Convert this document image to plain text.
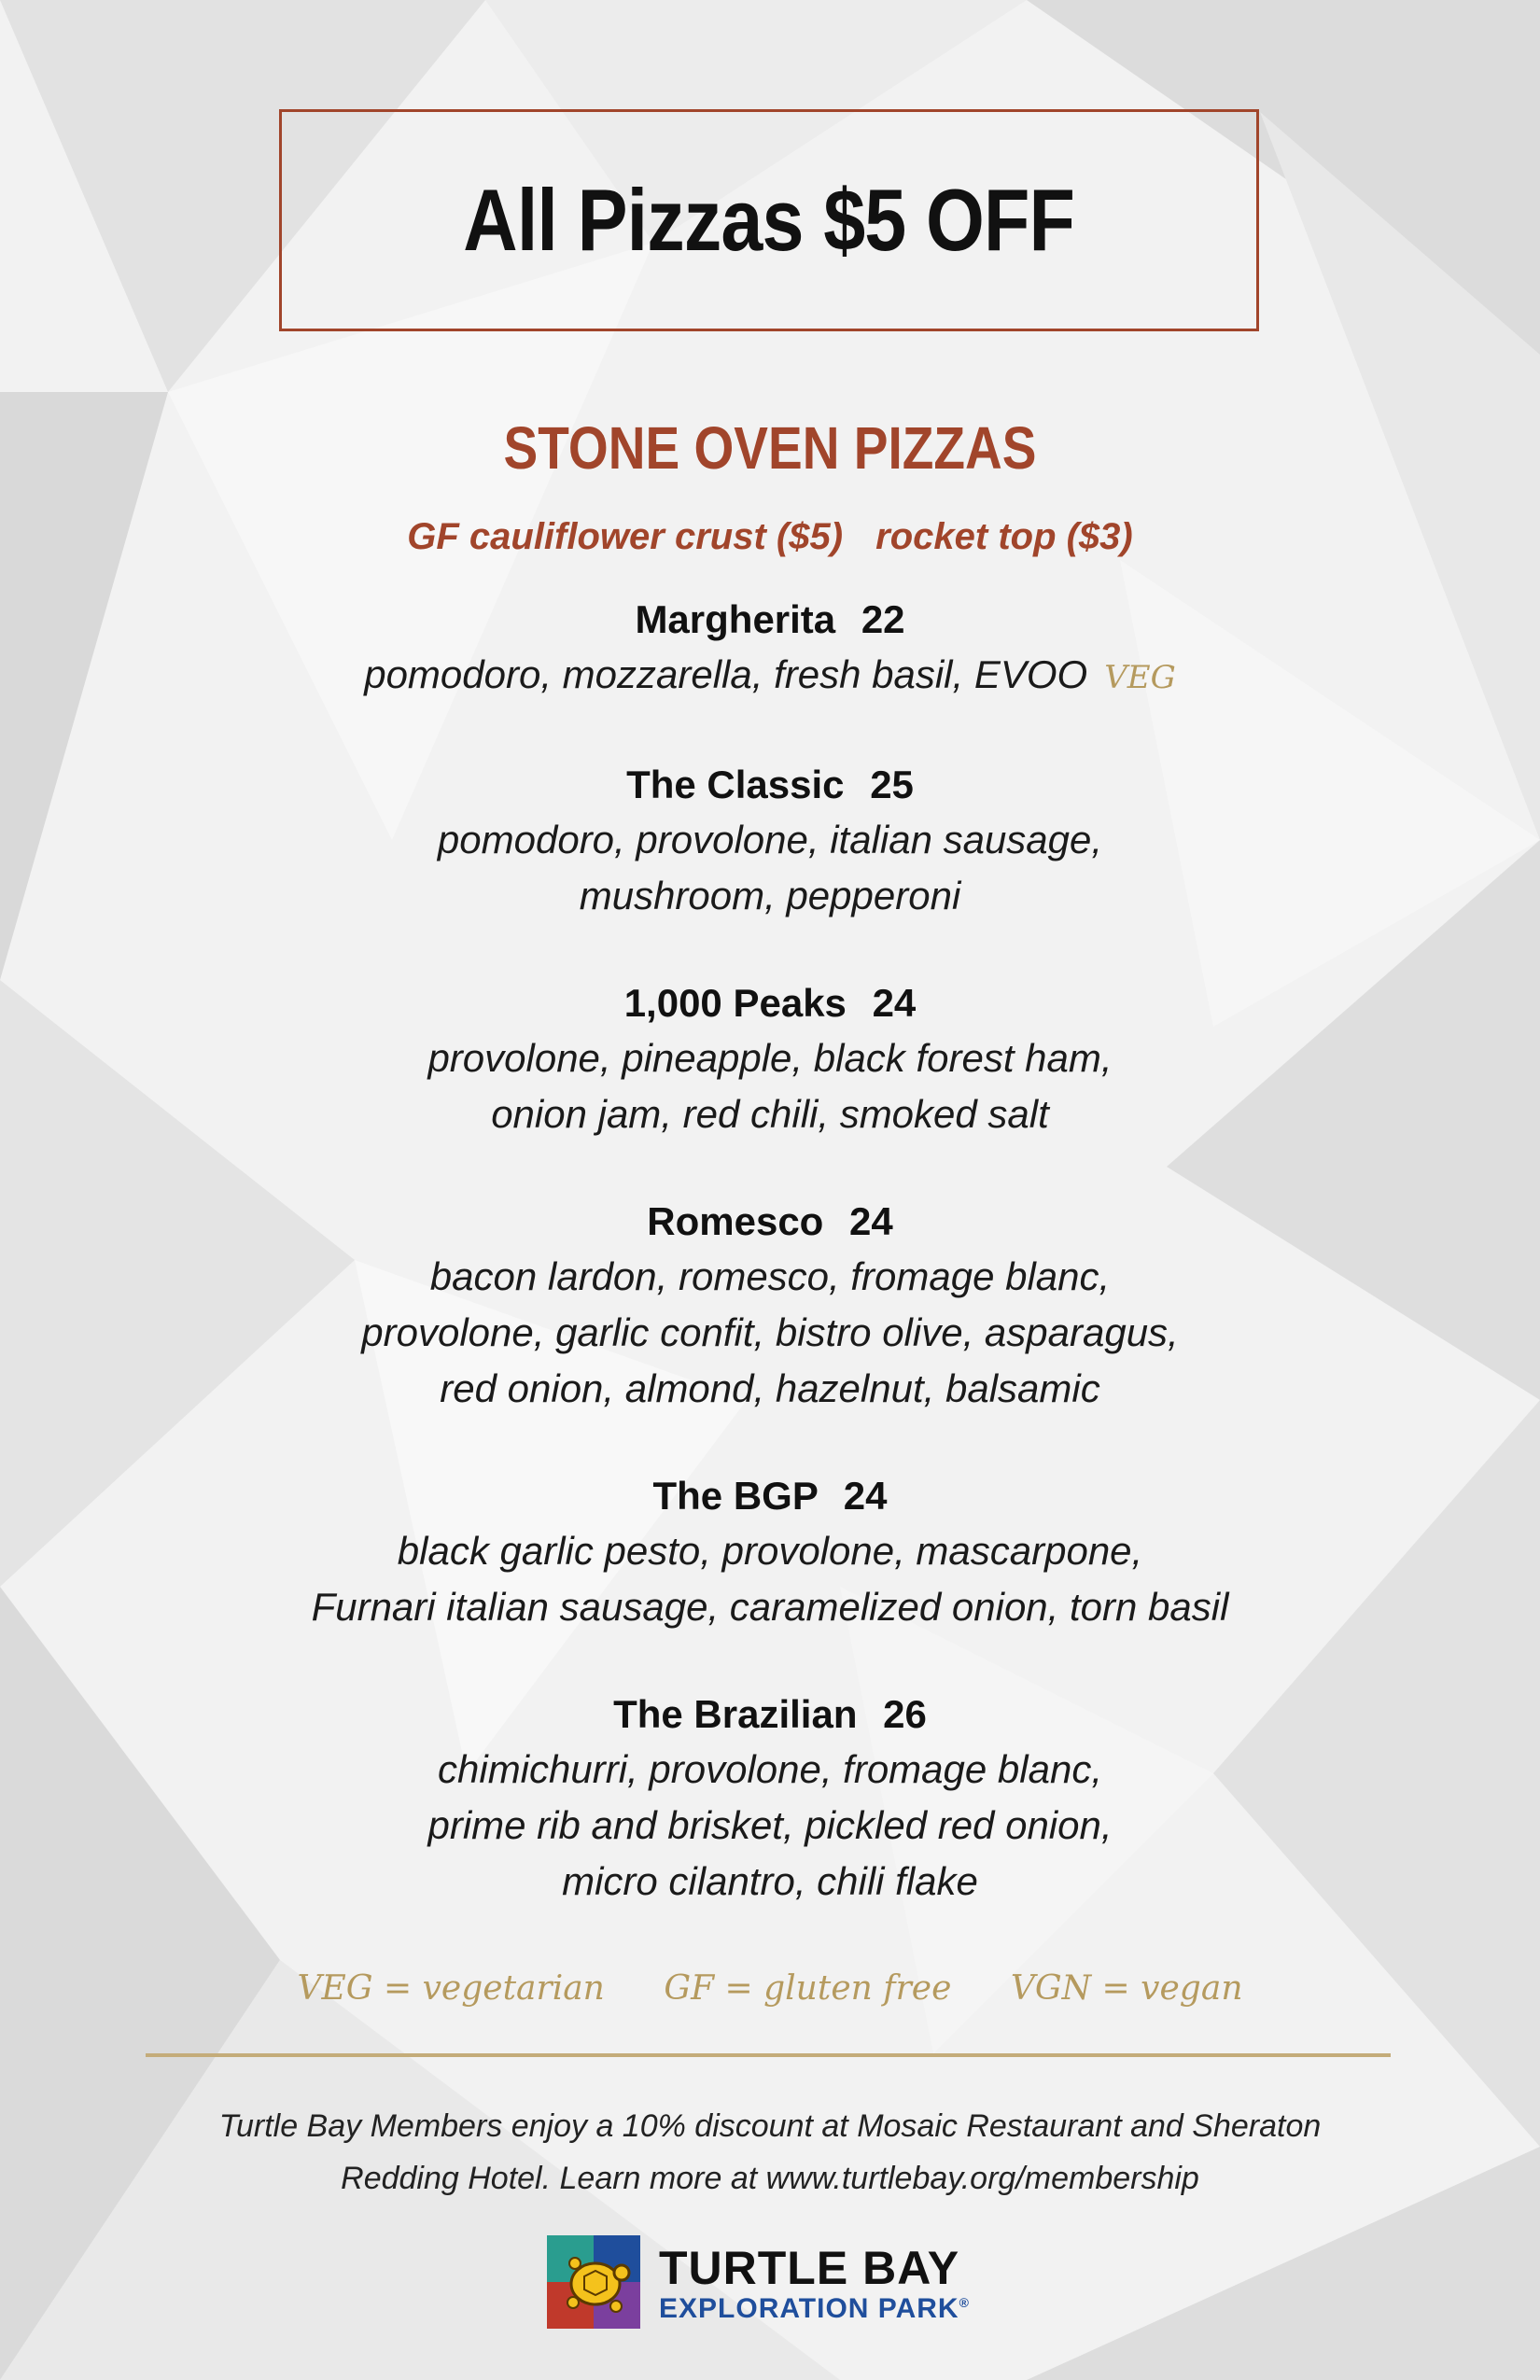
All Pizzas $5 OFF
STONE OVEN PIZZAS
GF cauliflower crust ($5) rocket top ($3)
Margherita 22
pomodoro, mozzarella, fresh basil, EVOO VEG
The Classic 25
pomodoro, provolone, italian sausage,
mushroom, pepperoni
1,000 Peaks 24
provolone, pineapple, black forest ham,
onion jam, red chili, smoked salt
Romesco 24
bacon lardon, romesco, fromage blanc,
provolone, garlic confit, bistro olive, asparagus,
red onion, almond, hazelnut, balsamic
The BGP 24
black garlic pesto, provolone, mascarpone,
Furnari italian sausage, caramelized onion, torn basil
The Brazilian 26
chimichurri, provolone, fromage blanc,
prime rib and brisket, pickled red onion,
micro cilantro, chili flake
VEG = vegetarian GF = gluten free VGN = vegan
Turtle Bay Members enjoy a 10% discount at Mosaic Restaurant and Sheraton
Redding Hotel. Learn more at www.turtlebay.org/membership
TURTLE BAY
EXPLORATION PARK®
